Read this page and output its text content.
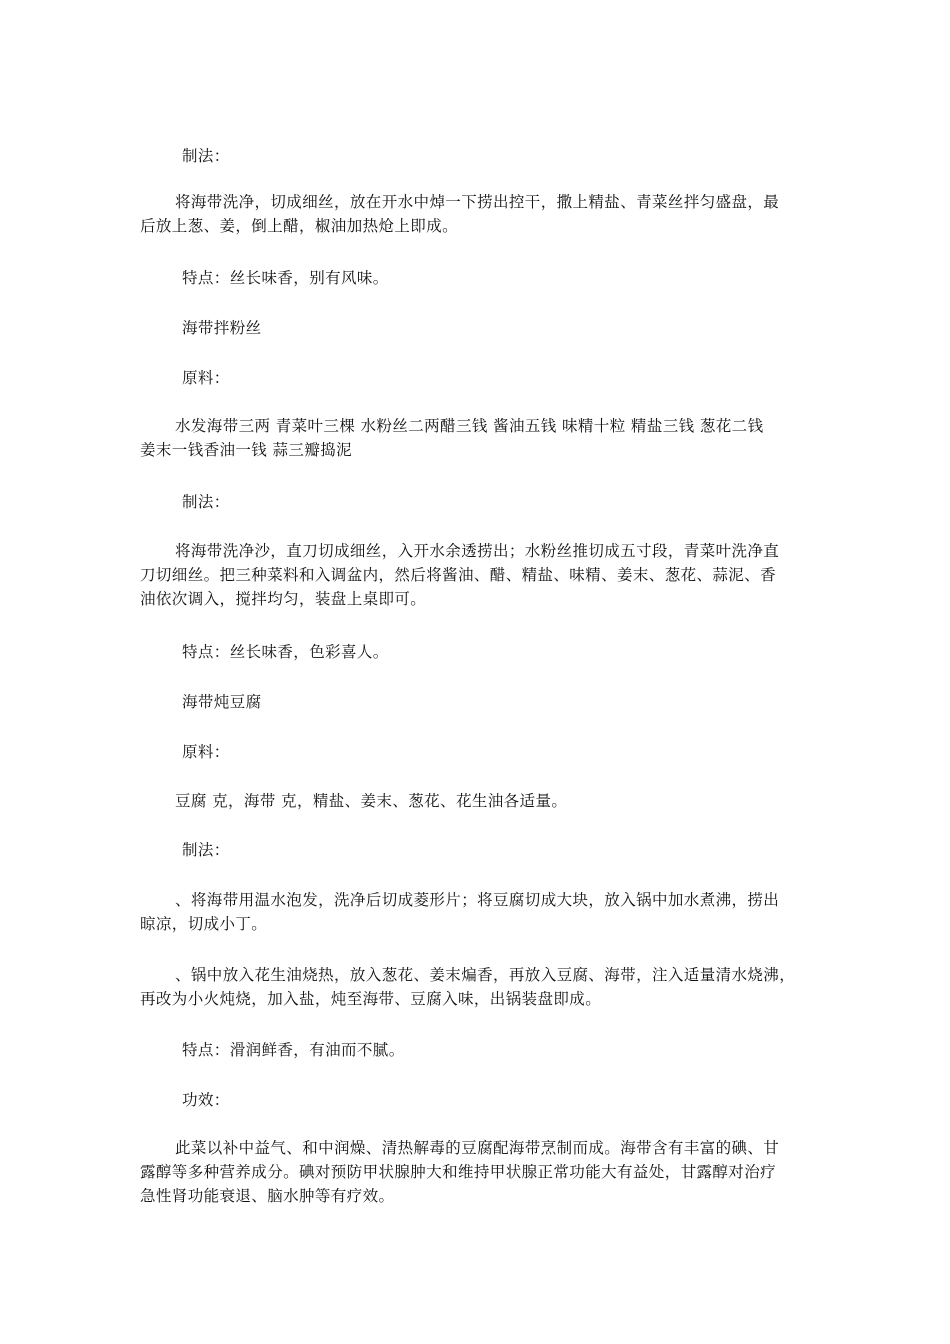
制法：
将海带洗净，切成细丝，放在开水中焯一下捞出控干，撒上精盐、青菜丝拌匀盛盘，最
后放上葱、姜，倒上醋，椒油加热炝上即成。
特点：丝长味香，别有风味。
海带拌粉丝
原料：
水发海带三两 青菜叶三棵 水粉丝二两醋三钱 酱油五钱 味精十粒 精盐三钱 葱花二钱
姜末一钱香油一钱 蒜三瓣捣泥
制法：
将海带洗净沙，直刀切成细丝，入开水余透捞出；水粉丝推切成五寸段，青菜叶洗净直
刀切细丝。把三种菜料和入调盆内，然后将酱油、醋、精盐、味精、姜末、葱花、蒜泥、香
油依次调入，搅拌均匀，装盘上桌即可。
特点：丝长味香，色彩喜人。
海带炖豆腐
原料：
豆腐 克，海带 克，精盐、姜末、葱花、花生油各适量。
制法：
、将海带用温水泡发，洗净后切成菱形片；将豆腐切成大块，放入锅中加水煮沸，捞出
晾凉，切成小丁。
、锅中放入花生油烧热，放入葱花、姜末煸香，再放入豆腐、海带，注入适量清水烧沸，
再改为小火炖烧，加入盐，炖至海带、豆腐入味，出锅装盘即成。
特点：滑润鲜香，有油而不腻。
功效：
此菜以补中益气、和中润燥、清热解毒的豆腐配海带烹制而成。海带含有丰富的碘、甘
露醇等多种营养成分。碘对预防甲状腺肿大和维持甲状腺正常功能大有益处，甘露醇对治疗
急性肾功能衰退、脑水肿等有疗效。
